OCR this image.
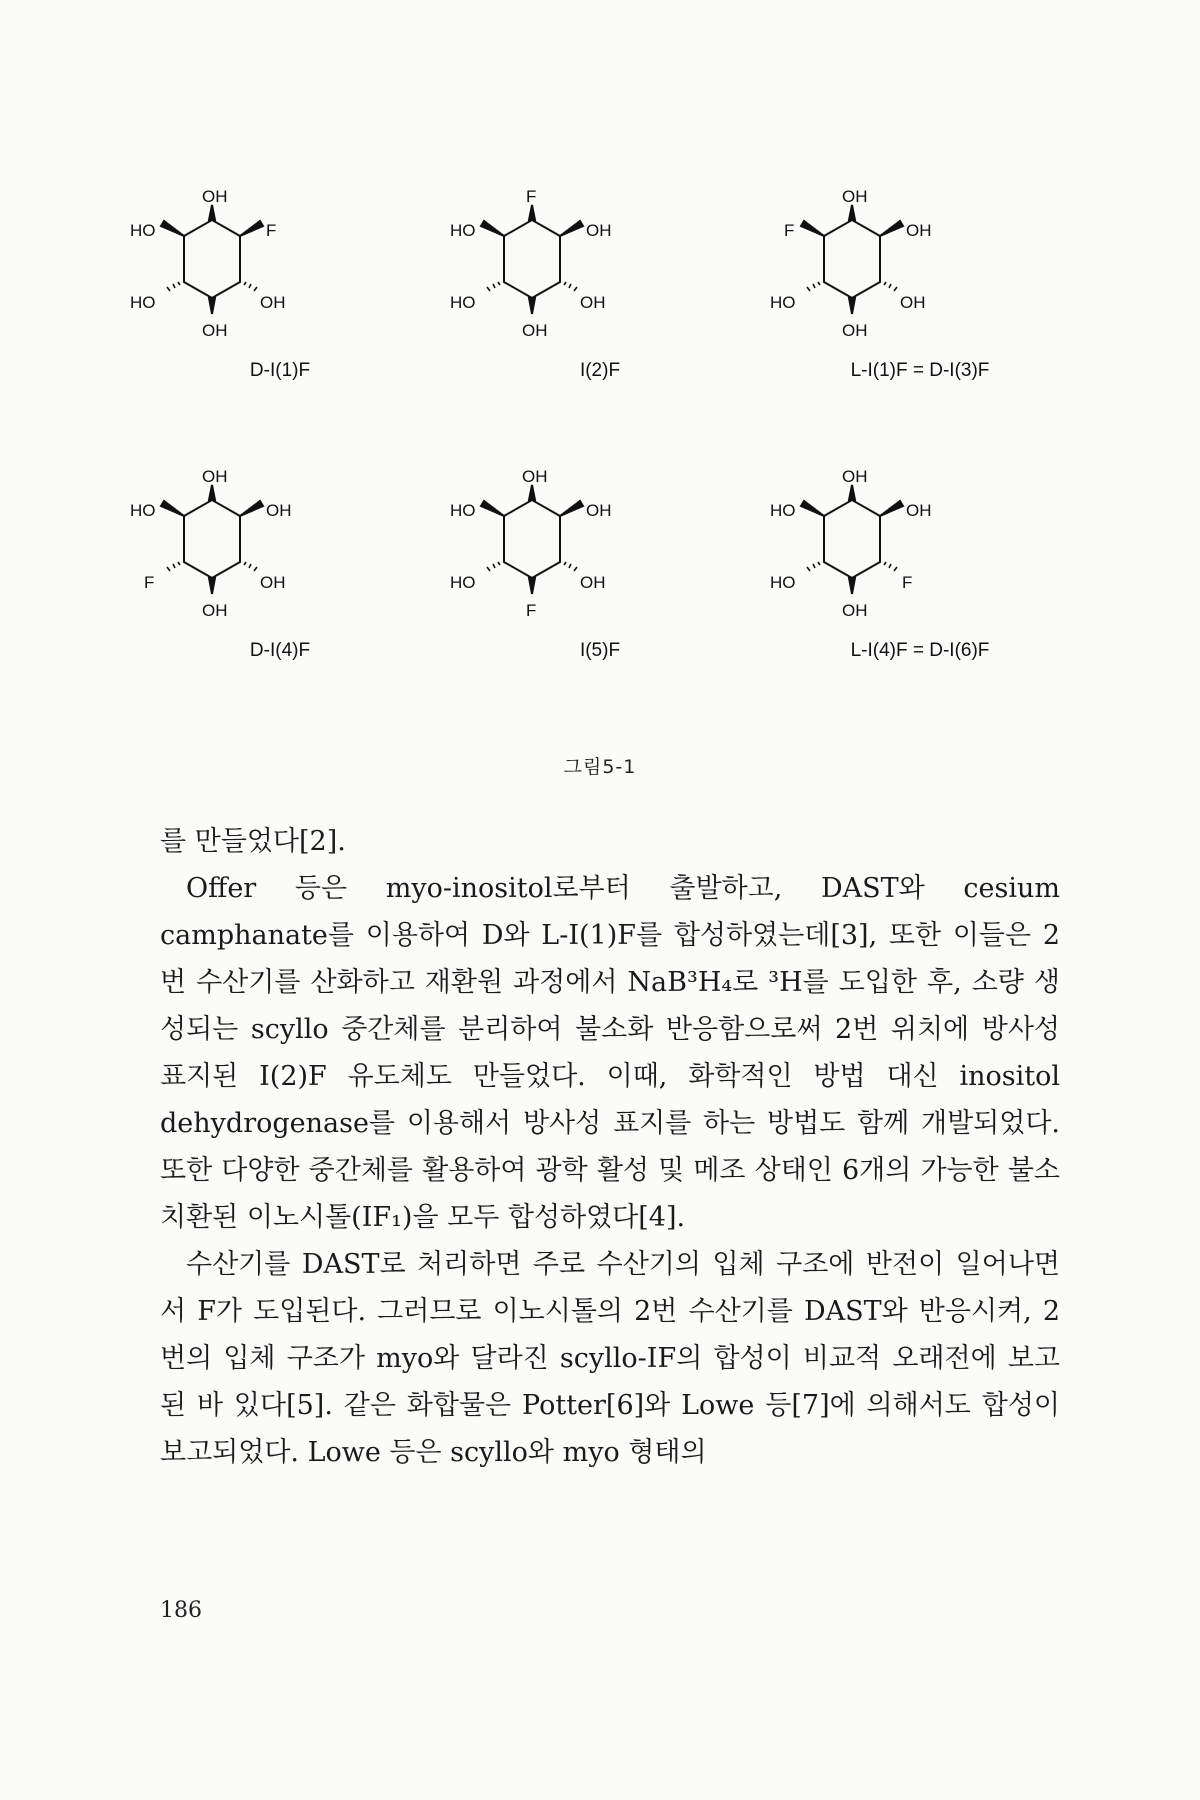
OH
F
OH
OH
HO
HO
D-I(1)F
F
OH
OH
OH
HO
HO
I(2)F
OH
OH
OH
OH
HO
F
L-I(1)F = D-I(3)F
OH
OH
OH
OH
F
HO
D-I(4)F
OH
OH
OH
F
HO
HO
I(5)F
OH
OH
F
OH
HO
HO
L-I(4)F = D-I(6)F
그림5-1

를 만들었다[2].

Offer 등은 myo-inositol로부터 출발하고, DAST와 cesium camphanate를 이용하여 D와 L-I(1)F를 합성하였는데[3], 또한 이들은 2번 수산기를 산화하고 재환원 과정에서 NaB³H₄로 ³H를 도입한 후, 소량 생성되는 scyllo 중간체를 분리하여 불소화 반응함으로써 2번 위치에 방사성 표지된 I(2)F 유도체도 만들었다. 이때, 화학적인 방법 대신 inositol dehydrogenase를 이용해서 방사성 표지를 하는 방법도 함께 개발되었다. 또한 다양한 중간체를 활용하여 광학 활성 및 메조 상태인 6개의 가능한 불소 치환된 이노시톨(IF₁)을 모두 합성하였다[4].

수산기를 DAST로 처리하면 주로 수산기의 입체 구조에 반전이 일어나면서 F가 도입된다. 그러므로 이노시톨의 2번 수산기를 DAST와 반응시켜, 2번의 입체 구조가 myo와 달라진 scyllo-IF의 합성이 비교적 오래전에 보고된 바 있다[5]. 같은 화합물은 Potter[6]와 Lowe 등[7]에 의해서도 합성이 보고되었다. Lowe 등은 scyllo와 myo 형태의

186
